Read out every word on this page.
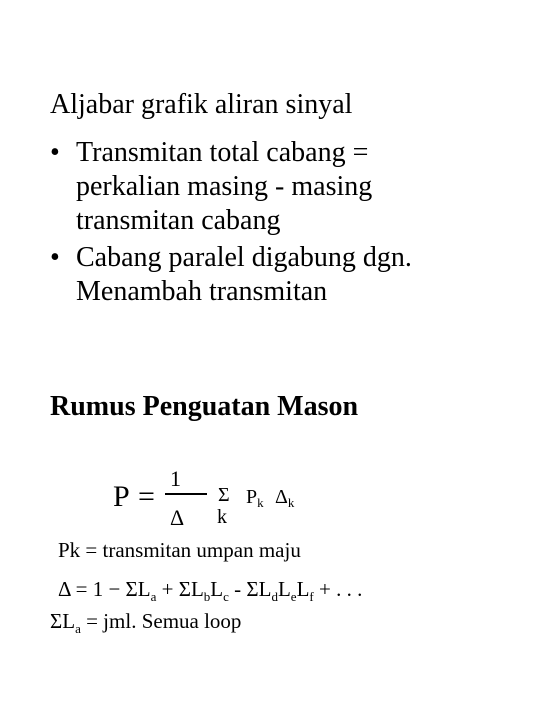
Aljabar grafik aliran sinyal
• Transmitan total cabang =
perkalian masing - masing
transmitan cabang
• Cabang paralel digabung dgn.
Menambah transmitan
Rumus Penguatan Mason
P =
1
Δ
Σ
k
$P_k$ $\Delta_k$
Pk = transmitan umpan maju
$\Delta = 1 - \Sigma L_a + \Sigma L_bL_c - \Sigma L_dL_eL_f$ + . . .
$\Sigma L_a$ = jml. Semua loop
